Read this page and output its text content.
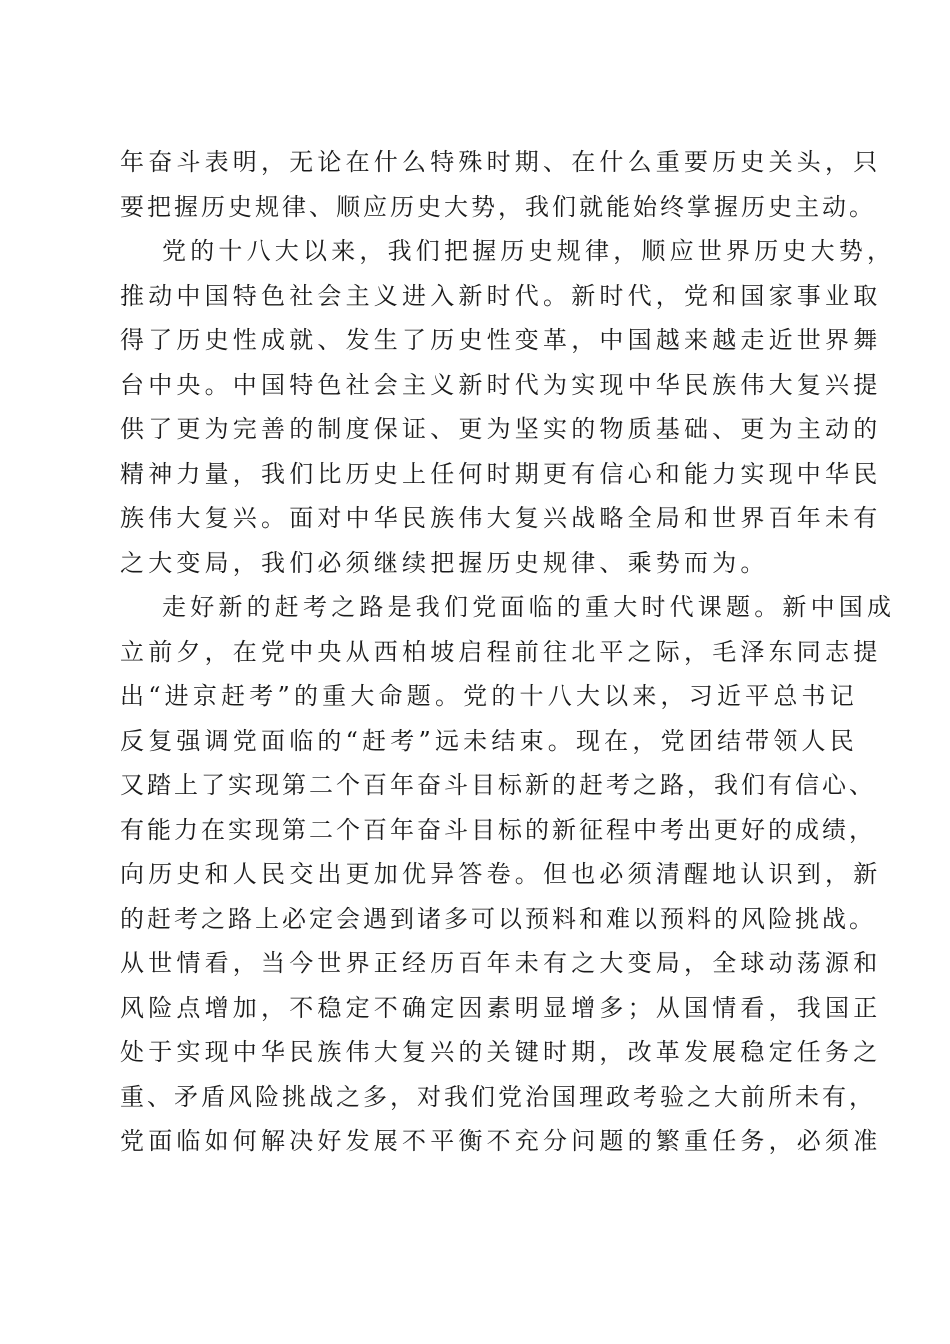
年奋斗表明，无论在什么特殊时期、在什么重要历史关头，只
要把握历史规律、顺应历史大势，我们就能始终掌握历史主动。
党的十八大以来，我们把握历史规律，顺应世界历史大势，
推动中国特色社会主义进入新时代。新时代，党和国家事业取
得了历史性成就、发生了历史性变革，中国越来越走近世界舞
台中央。中国特色社会主义新时代为实现中华民族伟大复兴提
供了更为完善的制度保证、更为坚实的物质基础、更为主动的
精神力量，我们比历史上任何时期更有信心和能力实现中华民
族伟大复兴。面对中华民族伟大复兴战略全局和世界百年未有
之大变局，我们必须继续把握历史规律、乘势而为。
走好新的赶考之路是我们党面临的重大时代课题。新中国成
立前夕，在党中央从西柏坡启程前往北平之际，毛泽东同志提
出“进京赶考”的重大命题。党的十八大以来，习近平总书记
反复强调党面临的“赶考”远未结束。现在，党团结带领人民
又踏上了实现第二个百年奋斗目标新的赶考之路，我们有信心、
有能力在实现第二个百年奋斗目标的新征程中考出更好的成绩，
向历史和人民交出更加优异答卷。但也必须清醒地认识到，新
的赶考之路上必定会遇到诸多可以预料和难以预料的风险挑战。
从世情看，当今世界正经历百年未有之大变局，全球动荡源和
风险点增加，不稳定不确定因素明显增多；从国情看，我国正
处于实现中华民族伟大复兴的关键时期，改革发展稳定任务之
重、矛盾风险挑战之多，对我们党治国理政考验之大前所未有，
党面临如何解决好发展不平衡不充分问题的繁重任务，必须准
